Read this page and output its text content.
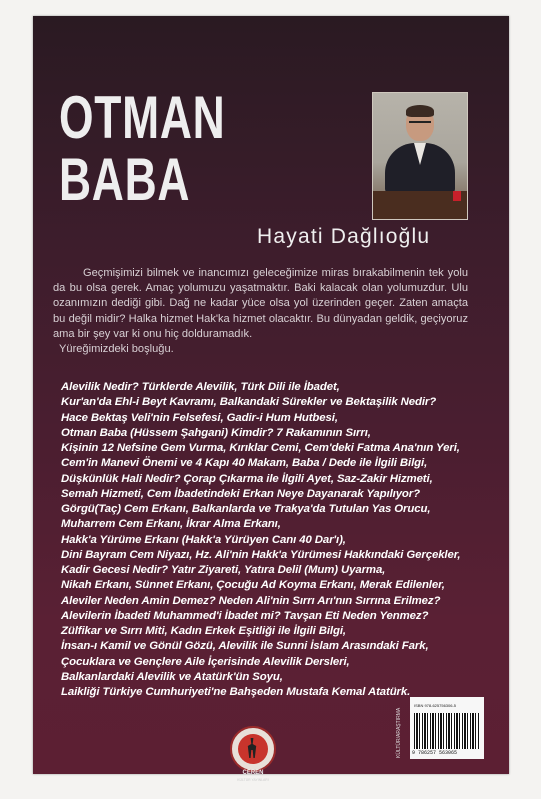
OTMAN
BABA
Hayati Dağlıoğlu

Geçmişimizi bilmek ve inancımızı geleceğimize miras bırakabilmenin tek yolu da bu olsa gerek. Amaç yolumuzu yaşatmaktır. Baki kalacak olan yolumuzdur. Ulu ozanımızın dediği gibi. Dağ ne kadar yüce olsa yol üzerinden geçer. Zaten amaçta bu değil midir? Halka hizmet Hak'ka hizmet olacaktır. Bu dünyadan geldik, geçiyoruz ama bir şey var ki onu hiç dolduramadık.

Yüreğimizdeki boşluğu.

Alevilik Nedir? Türklerde Alevilik, Türk Dili ile İbadet,
Kur'an'da Ehl-i Beyt Kavramı, Balkandaki Sürekler ve Bektaşilik Nedir?
Hace Bektaş Veli'nin Felsefesi, Gadir-i Hum Hutbesi,
Otman Baba (Hüssem Şahgani) Kimdir? 7 Rakamının Sırrı,
Kişinin 12 Nefsine Gem Vurma, Kırıklar Cemi, Cem'deki Fatma Ana'nın Yeri,
Cem'in Manevi Önemi ve 4 Kapı 40 Makam, Baba / Dede ile İlgili Bilgi,
Düşkünlük Hali Nedir? Çorap Çıkarma ile İlgili Ayet, Saz-Zakir Hizmeti,
Semah Hizmeti, Cem İbadetindeki Erkan Neye Dayanarak Yapılıyor?
Görgü(Taç) Cem Erkanı, Balkanlarda ve Trakya'da Tutulan Yas Orucu,
Muharrem Cem Erkanı, İkrar Alma Erkanı,
Hakk'a Yürüme Erkanı (Hakk'a Yürüyen Canı 40 Dar'ı),
Dini Bayram Cem Niyazı, Hz. Ali'nin Hakk'a Yürümesi Hakkındaki Gerçekler,
Kadir Gecesi Nedir? Yatır Ziyareti, Yatıra Delil (Mum) Uyarma,
Nikah Erkanı, Sünnet Erkanı, Çocuğu Ad Koyma Erkanı, Merak Edilenler,
Aleviler Neden Amin Demez? Neden Ali'nin Sırrı Arı'nın Sırrına Erilmez?
Alevilerin İbadeti Muhammed'i İbadet mi? Tavşan Eti Neden Yenmez?
Zülfikar ve Sırrı Miti, Kadın Erkek Eşitliği ile İlgili Bilgi,
İnsan-ı Kamil ve Gönül Gözü, Alevilik ile Sunni İslam Arasındaki Fark,
Çocuklara ve Gençlere Aile İçerisinde Alevilik Dersleri,
Balkanlardaki Alevilik ve Atatürk'ün Soyu,
Laikliği Türkiye Cumhuriyeti'ne Bahşeden Mustafa Kemal Atatürk.
KÜLTÜR/ARAŞTIRMA
ISBN 978-625756306-5
9 786257 563065
CEREN
KÜLTÜR YAYINLARI
